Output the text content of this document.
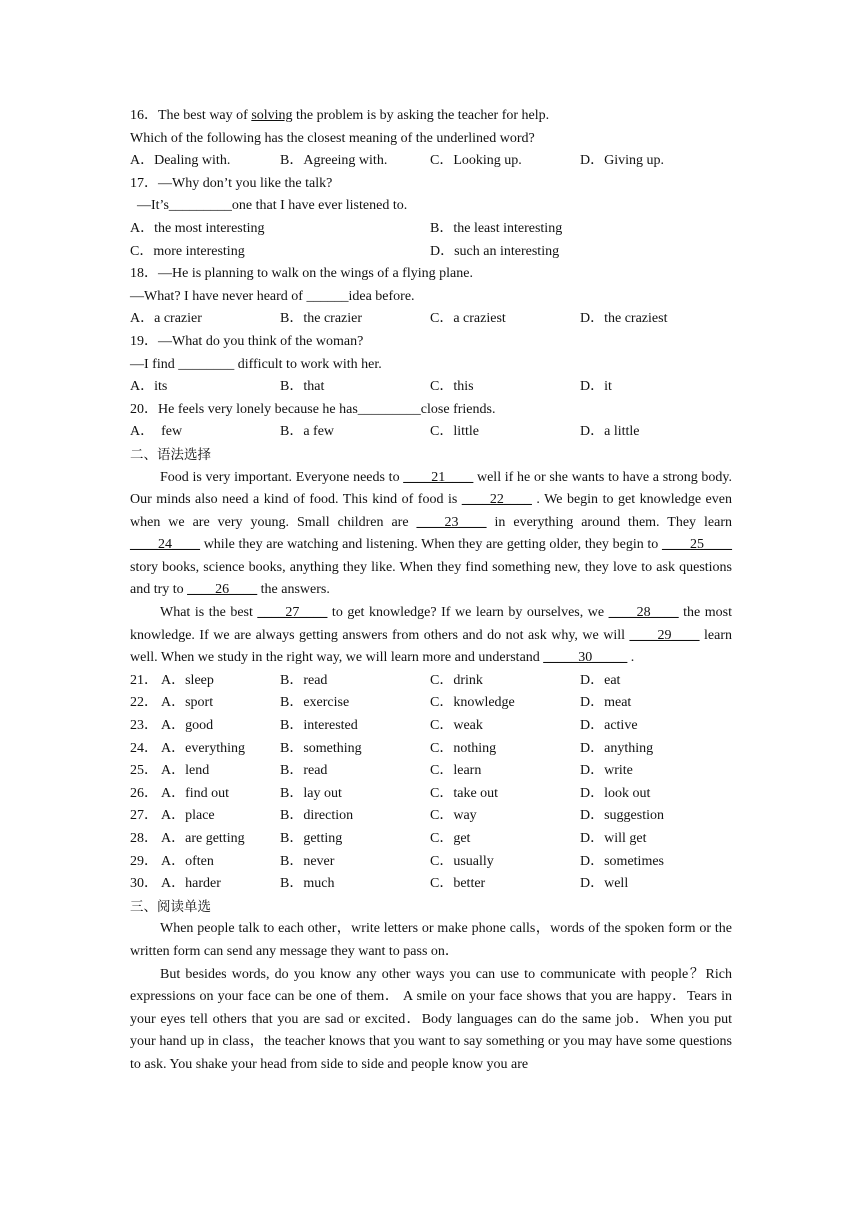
16．The best way of solving the problem is by asking the teacher for help.
Which of the following has the closest meaning of the underlined word?
A．Dealing with.	B．Agreeing with.	C．Looking up.	D．Giving up.
17．—Why don’t you like the talk?
—It’s_________one that I have ever listened to.
A．the most interesting	B．the least interesting
C．more interesting	D．such an interesting
18．—He is planning to walk on the wings of a flying plane.
—What? I have never heard of ______idea before.
A．a crazier	B．the crazier	C．a craziest	D．the craziest
19．—What do you think of the woman?
—I find ________ difficult to work with her.
A．its	B．that	C．this	D．it
20．He feels very lonely because he has_________close friends.
A．  few	B．a few	C．little	D．a little
二、语法选择
Food is very important. Everyone needs to ____21____ well if he or she wants to have a strong body. Our minds also need a kind of food. This kind of food is ____22____ . We begin to get knowledge even when we are very young. Small children are ____23____ in everything around them. They learn ____24____ while they are watching and listening. When they are getting older, they begin to ____25____ story books, science books, anything they like. When they find something new, they love to ask questions and try to ____26____ the answers.
What is the best ____27____ to get knowledge? If we learn by ourselves, we ____28____ the most knowledge. If we are always getting answers from others and do not ask why, we will ____29____ learn well. When we study in the right way, we will learn more and understand _____30_____ .
21． A．sleep	B．read	C．drink	D．eat
22． A．sport	B．exercise	C．knowledge	D．meat
23． A．good	B．interested	C．weak	D．active
24． A．everything	B．something	C．nothing	D．anything
25． A．lend	B．read	C．learn	D．write
26． A．find out	B．lay out	C．take out	D．look out
27． A．place	B．direction	C．way	D．suggestion
28． A．are getting	B．getting	C．get	D．will get
29． A．often	B．never	C．usually	D．sometimes
30． A．harder	B．much	C．better	D．well
三、阅读单选
When people talk to each other，write letters or make phone calls，words of the spoken form or the written form can send any message they want to pass on．
But besides words, do you know any other ways you can use to communicate with people？Rich expressions on your face can be one of them． A smile on your face shows that you are happy．Tears in your eyes tell others that you are sad or excited．Body languages can do the same job．When you put your hand up in class，the teacher knows that you want to say something or you may have some questions to ask. You shake your head from side to side and people know you are
